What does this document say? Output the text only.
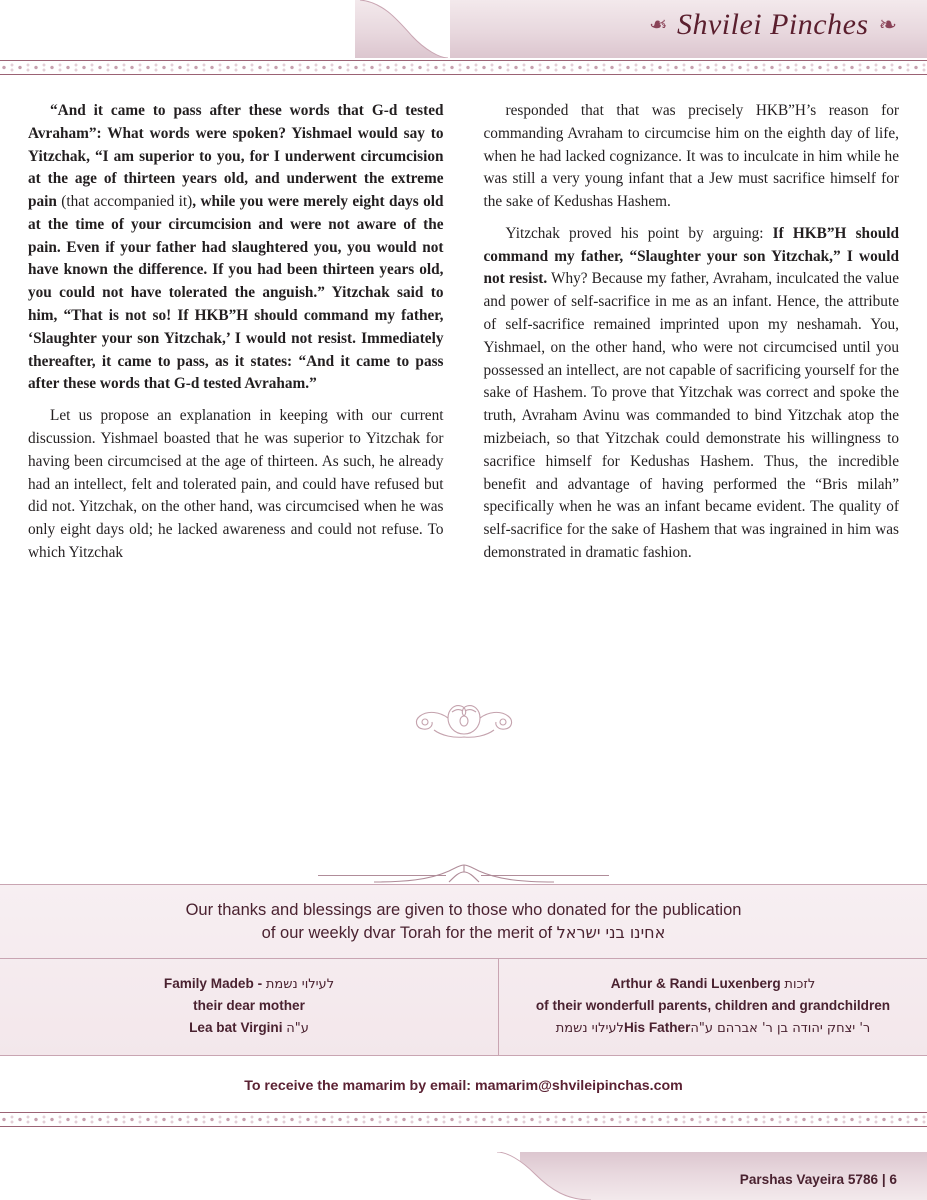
❧ Shvilei Pinches ❧

“And it came to pass after these words that G-d tested Avraham”: What words were spoken? Yishmael would say to Yitzchak, “I am superior to you, for I underwent circumcision at the age of thirteen years old, and underwent the extreme pain (that accompanied it), while you were merely eight days old at the time of your circumcision and were not aware of the pain. Even if your father had slaughtered you, you would not have known the difference. If you had been thirteen years old, you could not have tolerated the anguish.” Yitzchak said to him, “That is not so! If HKB”H should command my father, ‘Slaughter your son Yitzchak,’ I would not resist. Immediately thereafter, it came to pass, as it states: “And it came to pass after these words that G-d tested Avraham.”

Let us propose an explanation in keeping with our current discussion. Yishmael boasted that he was superior to Yitzchak for having been circumcised at the age of thirteen. As such, he already had an intellect, felt and tolerated pain, and could have refused but did not. Yitzchak, on the other hand, was circumcised when he was only eight days old; he lacked awareness and could not refuse. To which Yitzchak

responded that that was precisely HKB”H’s reason for commanding Avraham to circumcise him on the eighth day of life, when he had lacked cognizance. It was to inculcate in him while he was still a very young infant that a Jew must sacrifice himself for the sake of Kedushas Hashem.

Yitzchak proved his point by arguing: If HKB”H should command my father, “Slaughter your son Yitzchak,” I would not resist. Why? Because my father, Avraham, inculcated the value and power of self-sacrifice in me as an infant. Hence, the attribute of self-sacrifice remained imprinted upon my neshamah. You, Yishmael, on the other hand, who were not circumcised until you possessed an intellect, are not capable of sacrificing yourself for the sake of Hashem. To prove that Yitzchak was correct and spoke the truth, Avraham Avinu was commanded to bind Yitzchak atop the mizbeiach, so that Yitzchak could demonstrate his willingness to sacrifice himself for Kedushas Hashem. Thus, the incredible benefit and advantage of having performed the “Bris milah” specifically when he was an infant became evident. The quality of self-sacrifice for the sake of Hashem that was ingrained in him was demonstrated in dramatic fashion.

Our thanks and blessings are given to those who donated for the publication
of our weekly dvar Torah for the merit of אחינו בני ישראל
Family Madeb - לעילוי נשמת
their dear mother
Lea bat Virgini ע"ה
Arthur & Randi Luxenberg לזכות
of their wonderfull parents, children and grandchildren
לעילוי נשמת His Father ר' יצחק יהודה בן ר' אברהם ע"ה
To receive the mamarim by email: mamarim@shvileipinchas.com
Parshas Vayeira 5786 | 6
